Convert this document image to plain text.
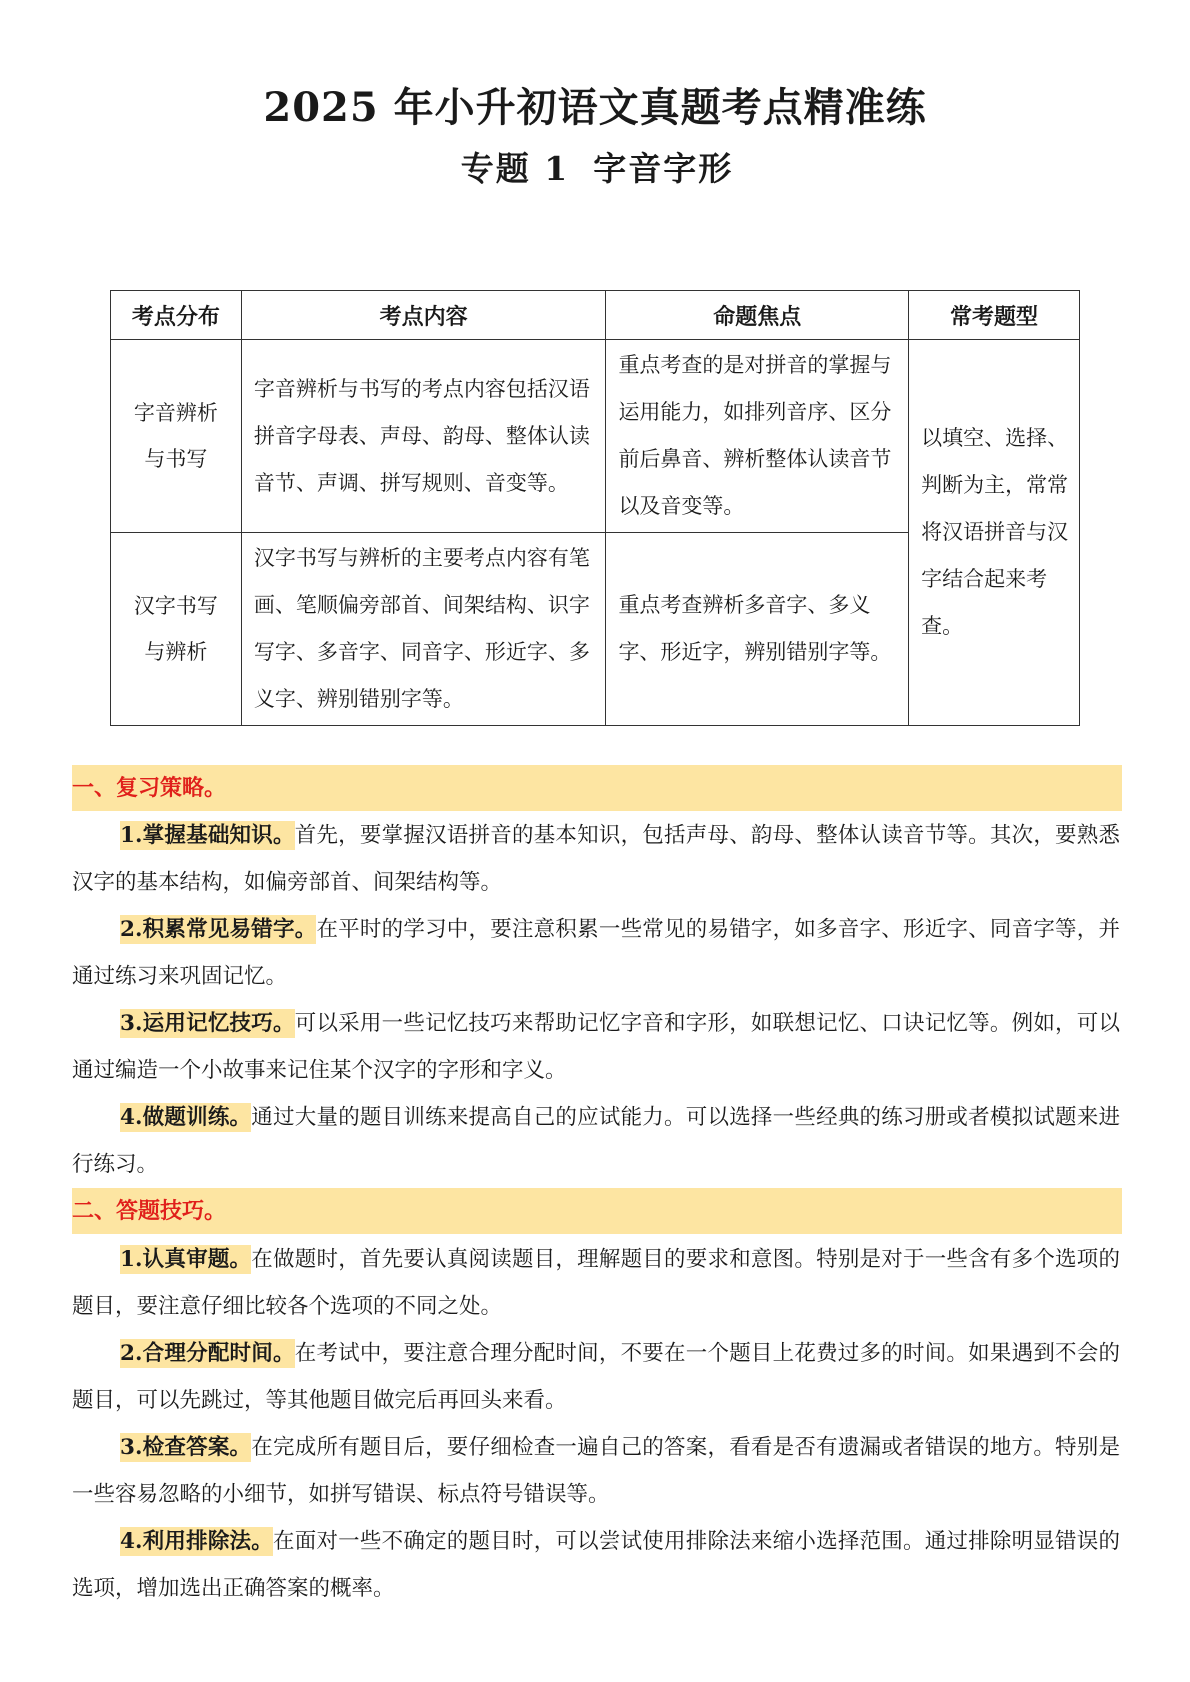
2025 年小升初语文真题考点精准练
专题 1 字音字形
考点分布	考点内容	命题焦点	常考题型

字音辨析
与书写	字音辨析与书写的考点内容包括汉语拼音字母表、声母、韵母、整体认读音节、声调、拼写规则、音变等。	重点考查的是对拼音的掌握与运用能力，如排列音序、区分前后鼻音、辨析整体认读音节以及音变等。	以填空、选择、判断为主，常常将汉语拼音与汉字结合起来考查。

汉字书写
与辨析	汉字书写与辨析的主要考点内容有笔画、笔顺偏旁部首、间架结构、识字写字、多音字、同音字、形近字、多义字、辨别错别字等。	重点考查辨析多音字、多义字、形近字，辨别错别字等。	
一、复习策略。
1.掌握基础知识。首先，要掌握汉语拼音的基本知识，包括声母、韵母、整体认读音节等。其次，要熟悉汉字的基本结构，如偏旁部首、间架结构等。
2.积累常见易错字。在平时的学习中，要注意积累一些常见的易错字，如多音字、形近字、同音字等，并通过练习来巩固记忆。
3.运用记忆技巧。可以采用一些记忆技巧来帮助记忆字音和字形，如联想记忆、口诀记忆等。例如，可以通过编造一个小故事来记住某个汉字的字形和字义。
4.做题训练。通过大量的题目训练来提高自己的应试能力。可以选择一些经典的练习册或者模拟试题来进行练习。
二、答题技巧。
1.认真审题。在做题时，首先要认真阅读题目，理解题目的要求和意图。特别是对于一些含有多个选项的题目，要注意仔细比较各个选项的不同之处。
2.合理分配时间。在考试中，要注意合理分配时间，不要在一个题目上花费过多的时间。如果遇到不会的题目，可以先跳过，等其他题目做完后再回头来看。
3.检查答案。在完成所有题目后，要仔细检查一遍自己的答案，看看是否有遗漏或者错误的地方。特别是一些容易忽略的小细节，如拼写错误、标点符号错误等。
4.利用排除法。在面对一些不确定的题目时，可以尝试使用排除法来缩小选择范围。通过排除明显错误的选项，增加选出正确答案的概率。
